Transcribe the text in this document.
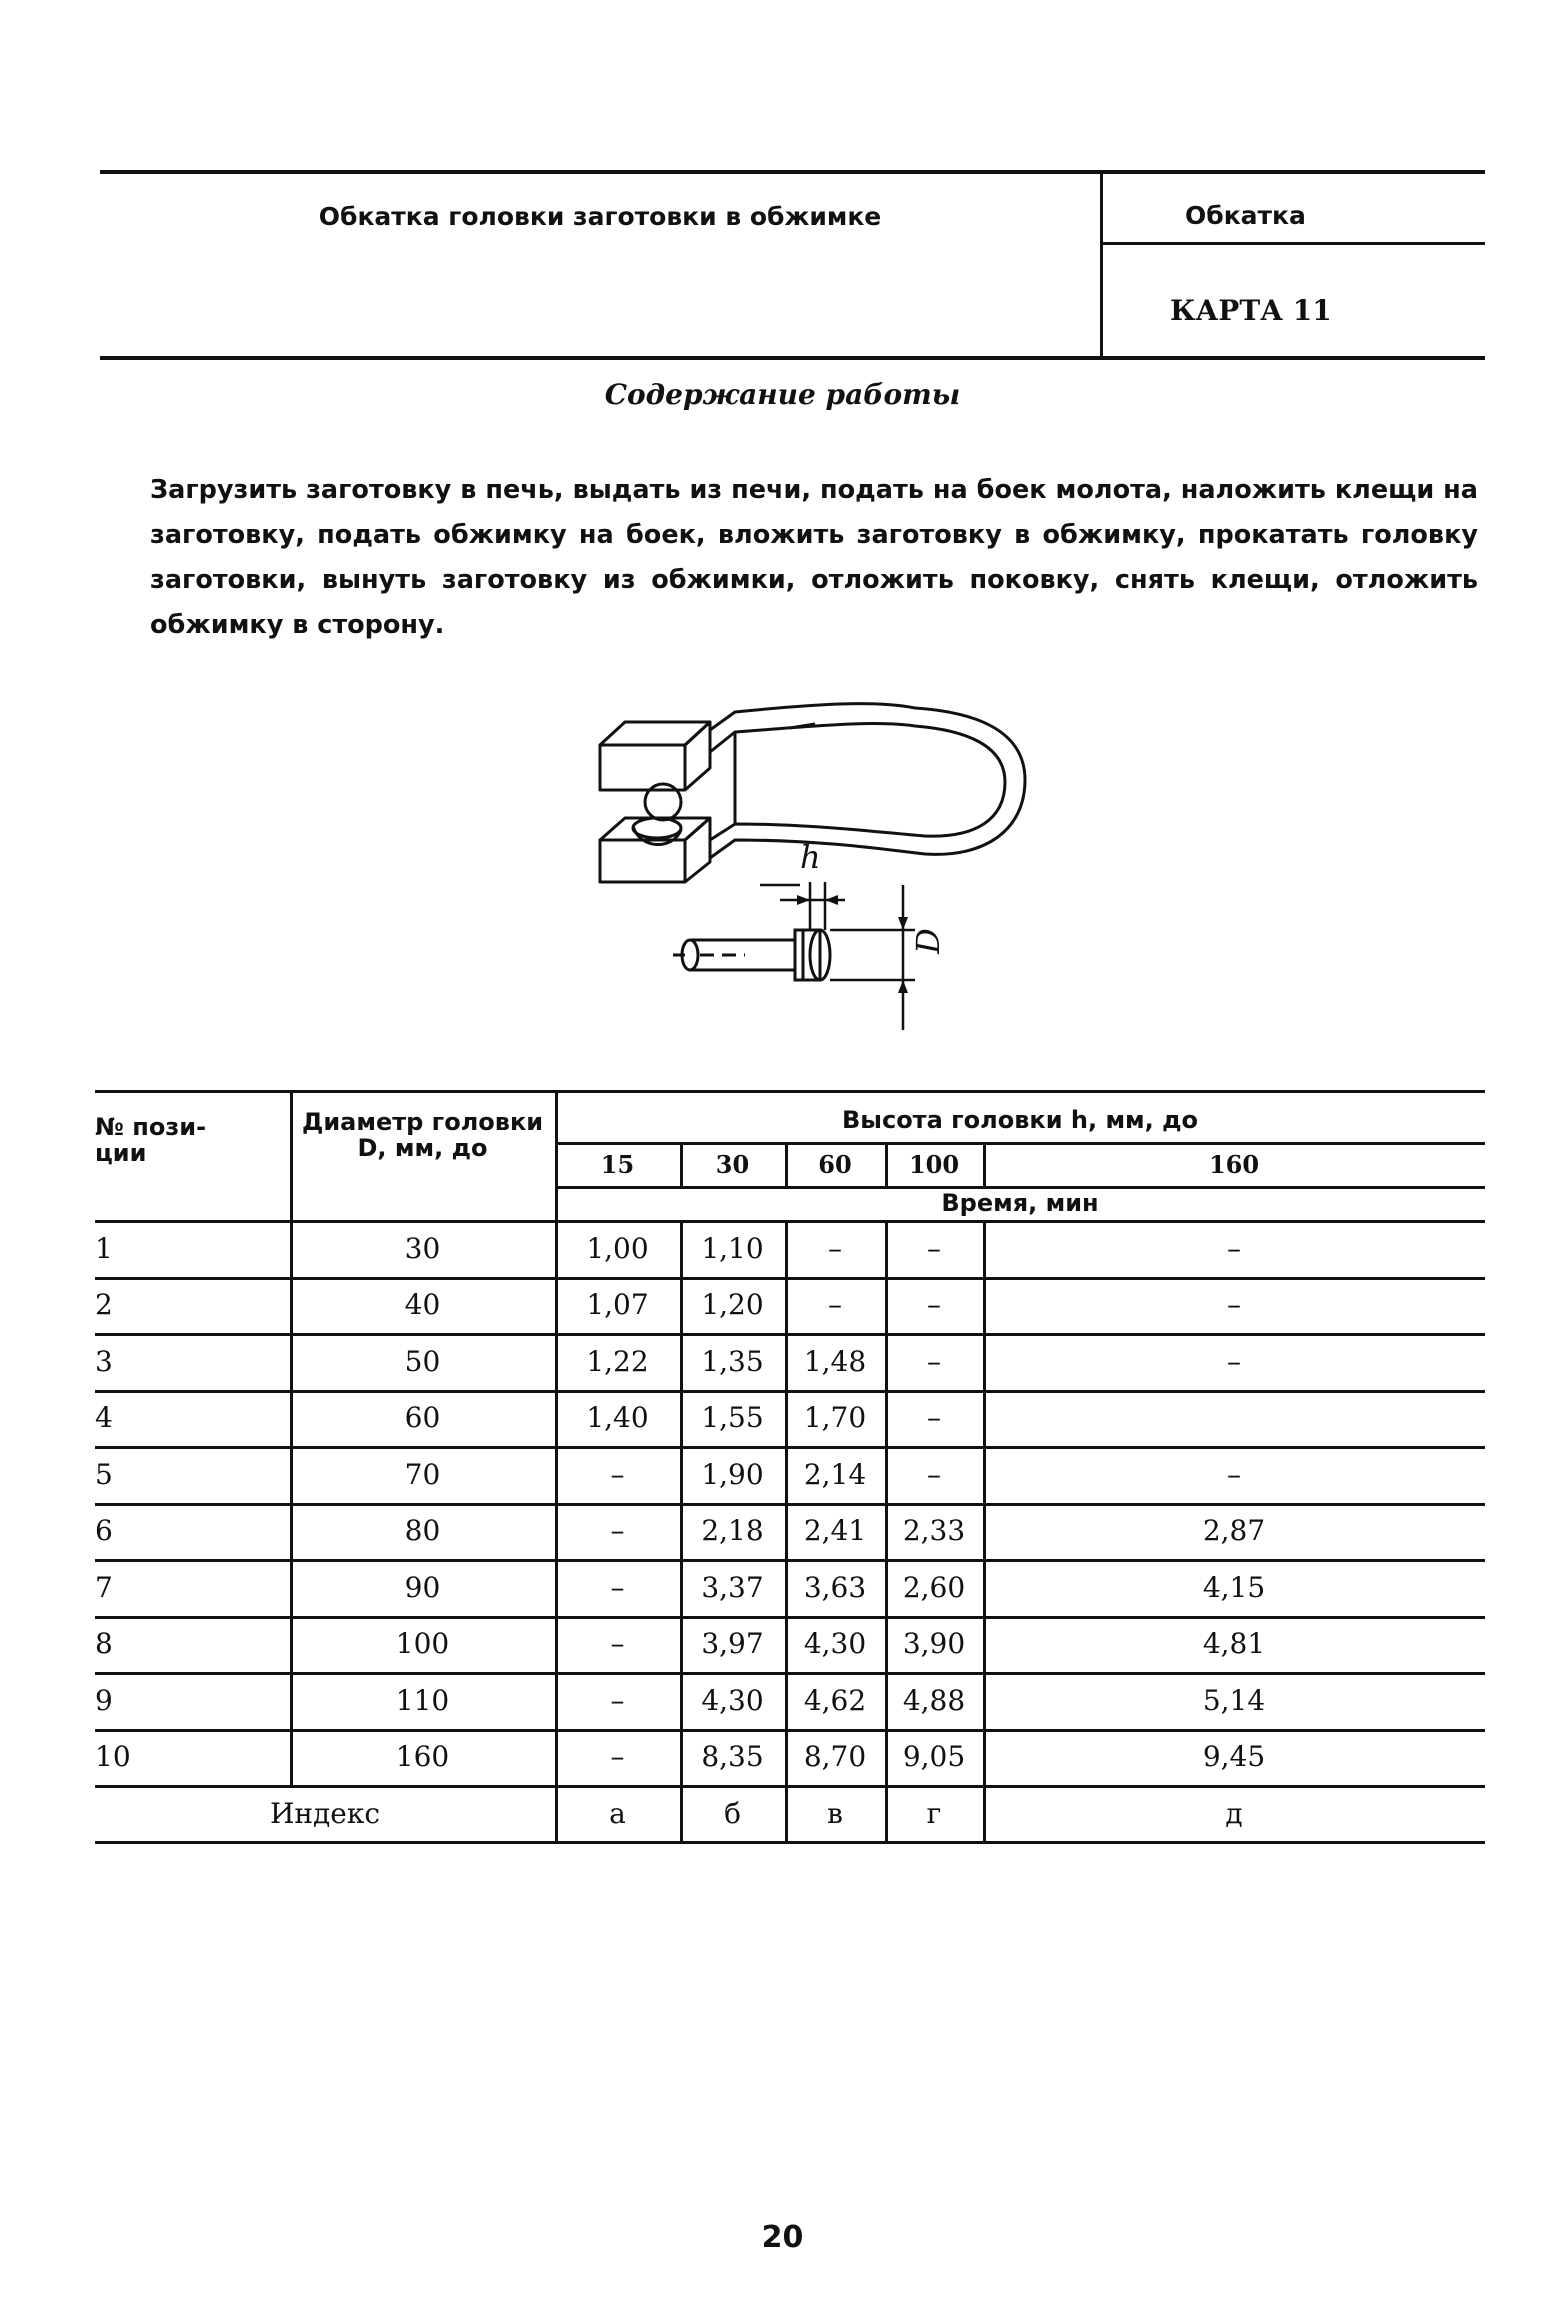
Обкатка головки заготовки в обжимке	Обкатка
КАРТА 11
Содержание работы

Загрузить заготовку в печь, выдать из печи, подать на боек молота, наложить клещи на заготовку, подать обжимку на боек, вложить заготовку в обжимку, прокатать головку заготовки, вынуть заготовку из обжимки, отложить поковку, снять клещи, отложить обжимку в сторону.

h
D
№ пози-
ции
Диаметр головки
D, мм, до
Высота головки h, мм, до
15	30	60	100	160
Время, мин
1	30	1,00	1,10	–	–	–
2	40	1,07	1,20	–	–	–
3	50	1,22	1,35	1,48	–	–
4	60	1,40	1,55	1,70	–
5	70	–	1,90	2,14	–	–
6	80	–	2,18	2,41	2,33	2,87
7	90	–	3,37	3,63	2,60	4,15
8	100	–	3,97	4,30	3,90	4,81
9	110	–	4,30	4,62	4,88	5,14
10	160	–	8,35	8,70	9,05	9,45
Индекс	а	б	в	г	д
20
